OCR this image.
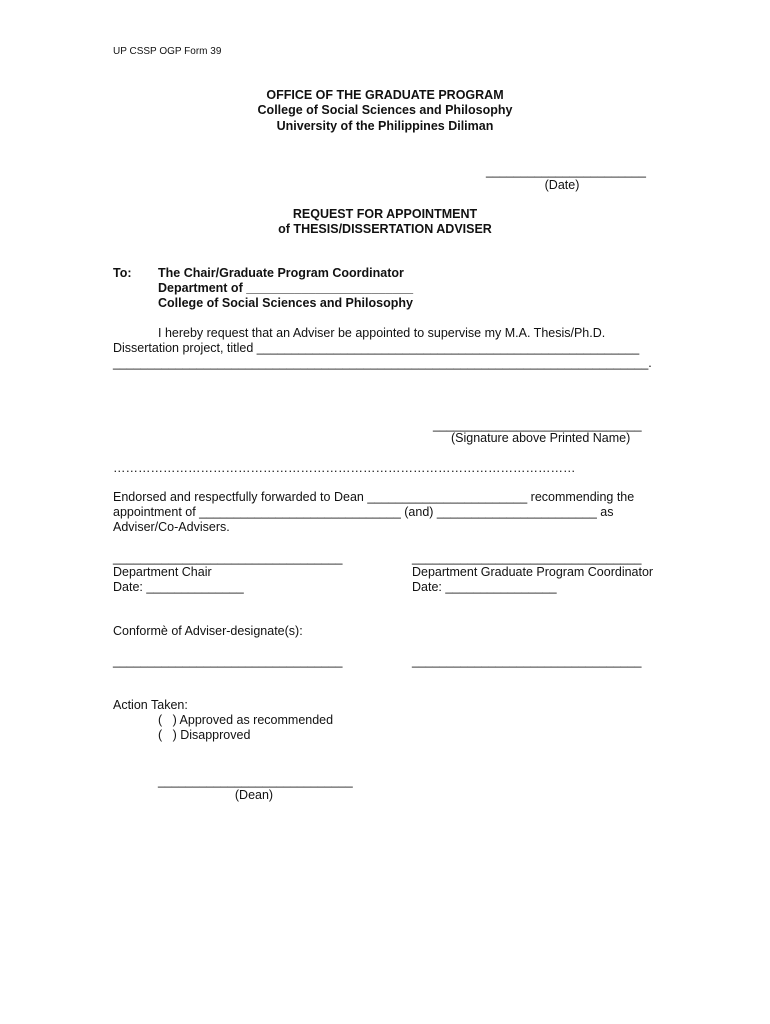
UP CSSP OGP Form 39
OFFICE OF THE GRADUATE PROGRAM
College of Social Sciences and Philosophy
University of the Philippines Diliman
_______________________
(Date)
REQUEST FOR APPOINTMENT
of THESIS/DISSERTATION ADVISER
To: The Chair/Graduate Program Coordinator
Department of ________________________
College of Social Sciences and Philosophy
I hereby request that an Adviser be appointed to supervise my M.A. Thesis/Ph.D.
Dissertation project, titled _______________________________________________________
_____________________________________________________________________________.
______________________________
(Signature above Printed Name)
…………………………………………………………………………………………………
Endorsed and respectfully forwarded to Dean _______________________ recommending the
appointment of _____________________________ (and) _______________________ as
Adviser/Co-Advisers.
_________________________________
Department Chair
Date: ______________
_________________________________
Department Graduate Program Coordinator
Date: ________________
Conformè of Adviser-designate(s):
_________________________________	_________________________________
Action Taken:
(   ) Approved as recommended
(   ) Disapproved
____________________________
(Dean)
